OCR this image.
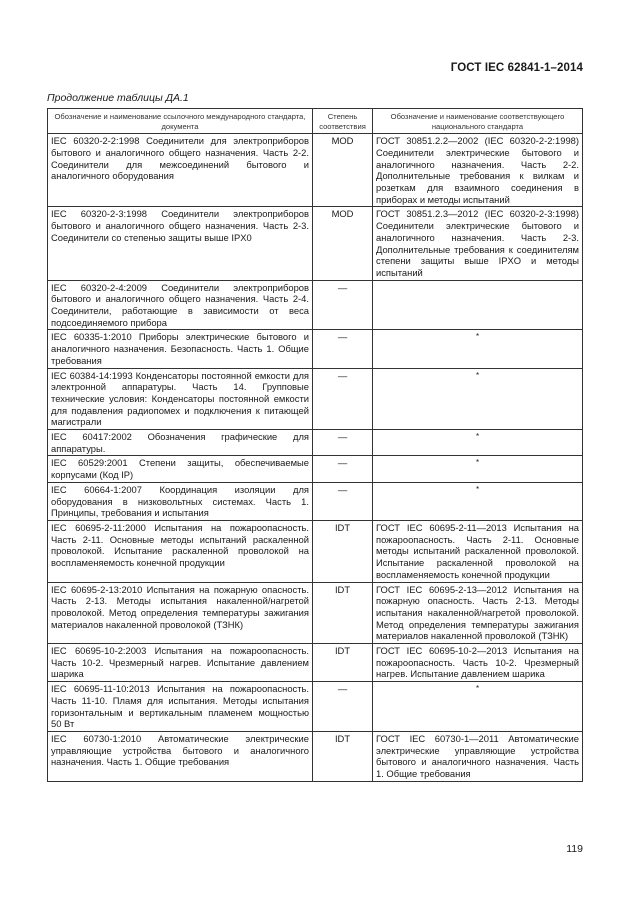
ГОСТ IEC 62841-1–2014
Продолжение таблицы ДА.1
Обозначение и наименование ссылочного международного стандарта, документа	Степень соответствия	Обозначение и наименование соответствующего национального стандарта
IEC 60320-2-2:1998 Соединители для электроприборов бытового и аналогичного общего назначения. Часть 2-2. Соединители для межсоединений бытового и аналогичного оборудования	MOD	ГОСТ 30851.2.2—2002 (IEC 60320-2-2:1998) Соединители электрические бытового и аналогичного назначения. Часть 2-2. Дополнительные требования к вилкам и розеткам для взаимного соединения в приборах и методы испытаний
IEC 60320-2-3:1998 Соединители электроприборов бытового и аналогичного общего назначения. Часть 2-3. Соединители со степенью защиты выше IPX0	MOD	ГОСТ 30851.2.3—2012 (IEC 60320-2-3:1998) Соединители электрические бытового и аналогичного назначения. Часть 2-3. Дополнительные требования к соединителям степени защиты выше IPXO и методы испытаний
IEC 60320-2-4:2009 Соединители электроприборов бытового и аналогичного общего назначения. Часть 2-4. Соединители, работающие в зависимости от веса подсоединяемого прибора	—	
IEC 60335-1:2010 Приборы электрические бытового и аналогичного назначения. Безопасность. Часть 1. Общие требования	—	*
IEC 60384-14:1993 Конденсаторы постоянной емкости для электронной аппаратуры. Часть 14. Групповые технические условия: Конденсаторы постоянной емкости для подавления радиопомех и подключения к питающей магистрали	—	*
IEC 60417:2002 Обозначения графические для аппаратуры.	—	*
IEC 60529:2001 Степени защиты, обеспечиваемые корпусами (Код IP)	—	*
IEC 60664-1:2007 Координация изоляции для оборудования в низковольтных системах. Часть 1. Принципы, требования и испытания	—	*
IEC 60695-2-11:2000 Испытания на пожароопасность. Часть 2-11. Основные методы испытаний раскаленной проволокой. Испытание раскаленной проволокой на воспламеняемость конечной продукции	IDT	ГОСТ IEC 60695-2-11—2013 Испытания на пожароопасность. Часть 2-11. Основные методы испытаний раскаленной проволокой. Испытание раскаленной проволокой на воспламеняемость конечной продукции
IEC 60695-2-13:2010 Испытания на пожарную опасность. Часть 2-13. Методы испытания накаленной/нагретой проволокой. Метод определения температуры зажигания материалов накаленной проволокой (ТЗНК)	IDT	ГОСТ IEC 60695-2-13—2012 Испытания на пожарную опасность. Часть 2-13. Методы испытания накаленной/нагретой проволокой. Метод определения температуры зажигания материалов накаленной проволокой (ТЗНК)
IEC 60695-10-2:2003 Испытания на пожароопасность. Часть 10-2. Чрезмерный нагрев. Испытание давлением шарика	IDT	ГОСТ IEC 60695-10-2—2013 Испытания на пожароопасность. Часть 10-2. Чрезмерный нагрев. Испытание давлением шарика
IEC 60695-11-10:2013 Испытания на пожароопасность. Часть 11-10. Пламя для испытания. Методы испытания горизонтальным и вертикальным пламенем мощностью 50 Вт	—	*
IEC 60730-1:2010 Автоматические электрические управляющие устройства бытового и аналогичного назначения. Часть 1. Общие требования	IDT	ГОСТ IEC 60730-1—2011 Автоматические электрические управляющие устройства бытового и аналогичного назначения. Часть 1. Общие требования
119
